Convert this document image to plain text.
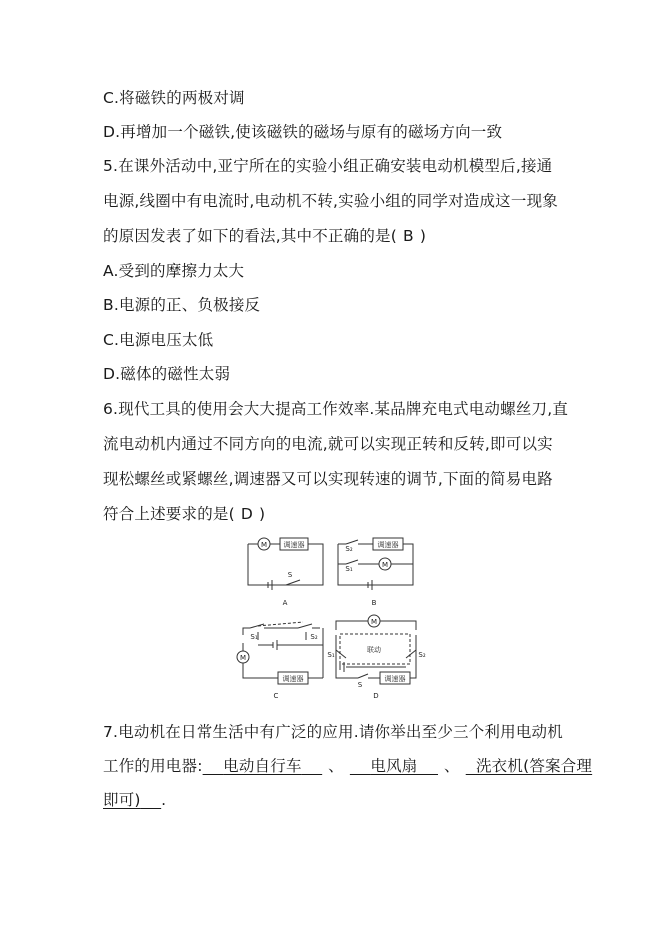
C.将磁铁的两极对调
D.再增加一个磁铁,使该磁铁的磁场与原有的磁场方向一致
5.在课外活动中,亚宁所在的实验小组正确安装电动机模型后,接通
电源,线圈中有电流时,电动机不转,实验小组的同学对造成这一现象
的原因发表了如下的看法,其中不正确的是( B )
A.受到的摩擦力太大
B.电源的正、负极接反
C.电源电压太低
D.磁体的磁性太弱
6.现代工具的使用会大大提高工作效率.某品牌充电式电动螺丝刀,直
流电动机内通过不同方向的电流,就可以实现正转和反转,即可以实
现松螺丝或紧螺丝,调速器又可以实现转速的调节,下面的简易电路
符合上述要求的是( D )
M 调速器
S
A
M
调速器
S₂
S₁
B
M
调速器
S₁	S₂
C
M
联动
调速器
S₁	S₂
S
D
7.电动机在日常生活中有广泛的应用.请你举出至少三个利用电动机
工作的用电器: 电动自行车 、 电风扇 、 洗衣机(答案合理
即可) .
